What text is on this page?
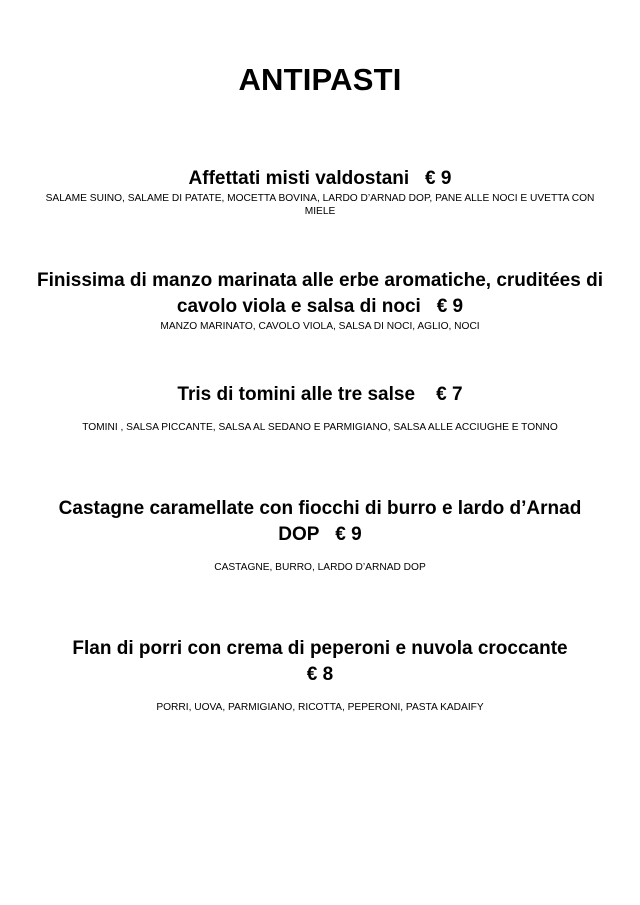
ANTIPASTI

Affettati misti valdostani € 9

SALAME SUINO, SALAME DI PATATE, MOCETTA BOVINA, LARDO D’ARNAD DOP, PANE ALLE NOCI E UVETTA CON MIELE

Finissima di manzo marinata alle erbe aromatiche, cruditées di cavolo viola e salsa di noci € 9

MANZO MARINATO, CAVOLO VIOLA, SALSA DI NOCI, AGLIO, NOCI

Tris di tomini alle tre salse € 7

TOMINI , SALSA PICCANTE, SALSA AL SEDANO E PARMIGIANO, SALSA ALLE ACCIUGHE E TONNO

Castagne caramellate con fiocchi di burro e lardo d’Arnad DOP € 9

CASTAGNE, BURRO, LARDO D’ARNAD DOP

Flan di porri con crema di peperoni e nuvola croccante
€ 8

PORRI, UOVA, PARMIGIANO, RICOTTA, PEPERONI, PASTA KADAIFY
